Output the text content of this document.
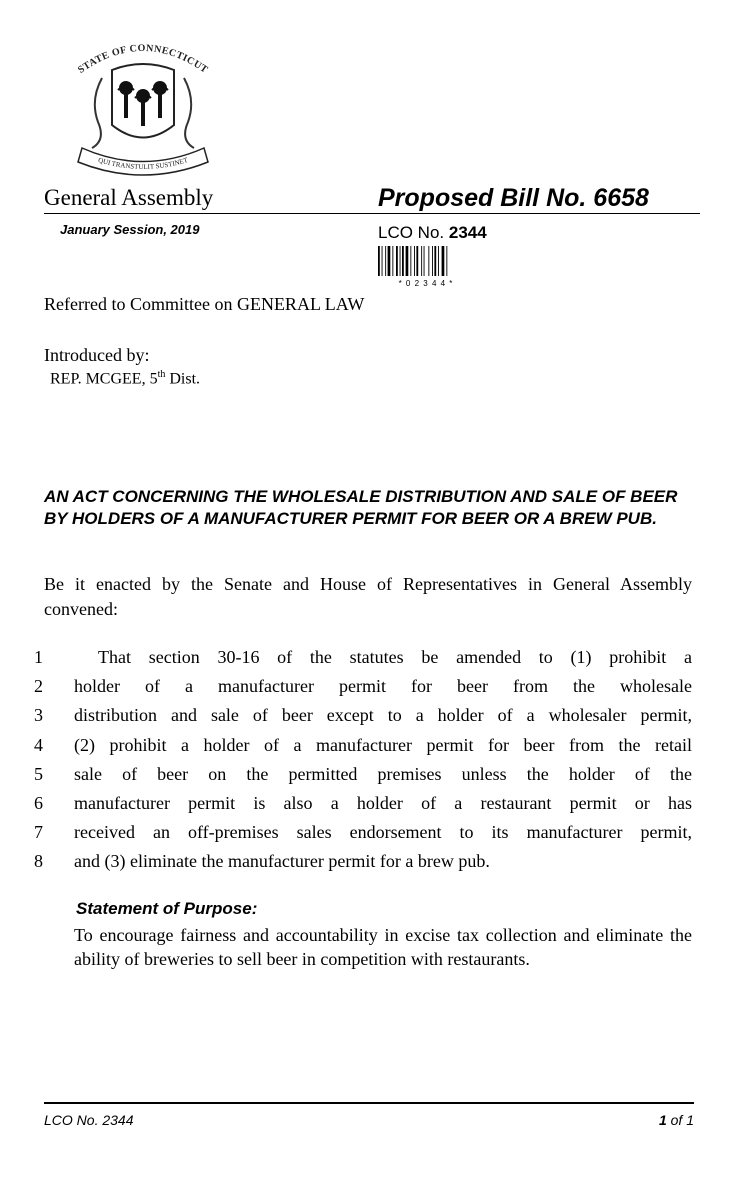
STATE OF CONNECTICUT
QUI TRANSTULIT SUSTINET
General Assembly	Proposed Bill No. 6658
January Session, 2019	LCO No. 2344
* 0 2 3 4 4 *
Referred to Committee on GENERAL LAW
Introduced by:
REP. MCGEE, 5th Dist.
AN ACT CONCERNING THE WHOLESALE DISTRIBUTION AND SALE OF BEER BY HOLDERS OF A MANUFACTURER PERMIT FOR BEER OR A BREW PUB.
Be it enacted by the Senate and House of Representatives in General Assembly convened:
1	That section 30-16 of the statutes be amended to (1) prohibit a
2	holder of a manufacturer permit for beer from the wholesale
3	distribution and sale of beer except to a holder of a wholesaler permit,
4	(2) prohibit a holder of a manufacturer permit for beer from the retail
5	sale of beer on the permitted premises unless the holder of the
6	manufacturer permit is also a holder of a restaurant permit or has
7	received an off-premises sales endorsement to its manufacturer permit,
8	and (3) eliminate the manufacturer permit for a brew pub.
Statement of Purpose:
To encourage fairness and accountability in excise tax collection and eliminate the ability of breweries to sell beer in competition with restaurants.
LCO No. 2344	1 of 1
